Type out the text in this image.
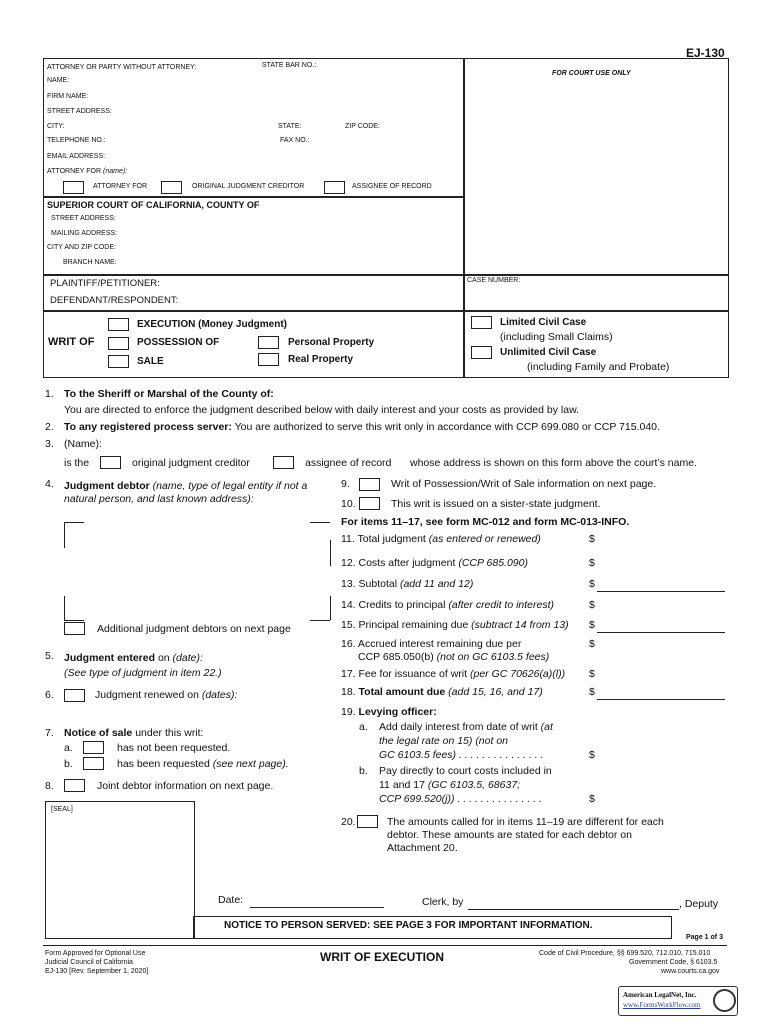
EJ-130
ATTORNEY OR PARTY WITHOUT ATTORNEY:	STATE BAR NO.:
FOR COURT USE ONLY
NAME:
FIRM NAME:
STREET ADDRESS:
CITY:	STATE:	ZIP CODE:
TELEPHONE NO.:	FAX NO.:
EMAIL ADDRESS:
ATTORNEY FOR (name):
ATTORNEY FOR	ORIGINAL JUDGMENT CREDITOR	ASSIGNEE OF RECORD
SUPERIOR COURT OF CALIFORNIA, COUNTY OF
STREET ADDRESS:
MAILING ADDRESS:
CITY AND ZIP CODE:
BRANCH NAME:
PLAINTIFF/PETITIONER:
DEFENDANT/RESPONDENT:
CASE NUMBER:
WRIT OF
EXECUTION (Money Judgment)
POSSESSION OF
SALE
Personal Property
Real Property
Limited Civil Case
(including Small Claims)
Unlimited Civil Case
(including Family and Probate)
1. To the Sheriff or Marshal of the County of:
You are directed to enforce the judgment described below with daily interest and your costs as provided by law.
2. To any registered process server: You are authorized to serve this writ only in accordance with CCP 699.080 or CCP 715.040.
3. (Name):
is the	original judgment creditor	assignee of record whose address is shown on this form above the court’s name.
4. Judgment debtor (name, type of legal entity if not a
natural person, and last known address):
Additional judgment debtors on next page
5. Judgment entered on (date):
(See type of judgment in item 22.)
6.	Judgment renewed on (dates):
7. Notice of sale under this writ:
a.	has not been requested.
b.	has been requested (see next page).
8.	Joint debtor information on next page.
[SEAL]
9.	Writ of Possession/Writ of Sale information on next page.
10.	This writ is issued on a sister-state judgment.
For items 11–17, see form MC-012 and form MC-013-INFO.
11. Total judgment (as entered or renewed)	$
12. Costs after judgment (CCP 685.090)	$
13. Subtotal (add 11 and 12)	$
14. Credits to principal (after credit to interest)	$
15. Principal remaining due (subtract 14 from 13) $
16. Accrued interest remaining due per	$
CCP 685.050(b) (not on GC 6103.5 fees)
17. Fee for issuance of writ (per GC 70626(a)(l)) $
18. Total amount due (add 15, 16, and 17)	$
19. Levying officer:
a. Add daily interest from date of writ (at
the legal rate on 15) (not on
GC 6103.5 fees) . . . . . . . . . . . . . . .	$
b. Pay directly to court costs included in
11 and 17 (GC 6103.5, 68637;
CCP 699.520(j)) . . . . . . . . . . . . . . .	$
20.	The amounts called for in items 11–19 are different for each
debtor. These amounts are stated for each debtor on
Attachment 20.
Date:	Clerk, by	, Deputy
NOTICE TO PERSON SERVED: SEE PAGE 3 FOR IMPORTANT INFORMATION.
Page 1 of 3
Form Approved for Optional Use
Judicial Council of California
EJ-130 [Rev. September 1, 2020]
WRIT OF EXECUTION	Code of Civil Procedure, §§ 699.520, 712.010, 715.010
Government Code, § 6103.5
www.courts.ca.gov
American LegalNet, Inc.
www.FormsWorkFlow.com
